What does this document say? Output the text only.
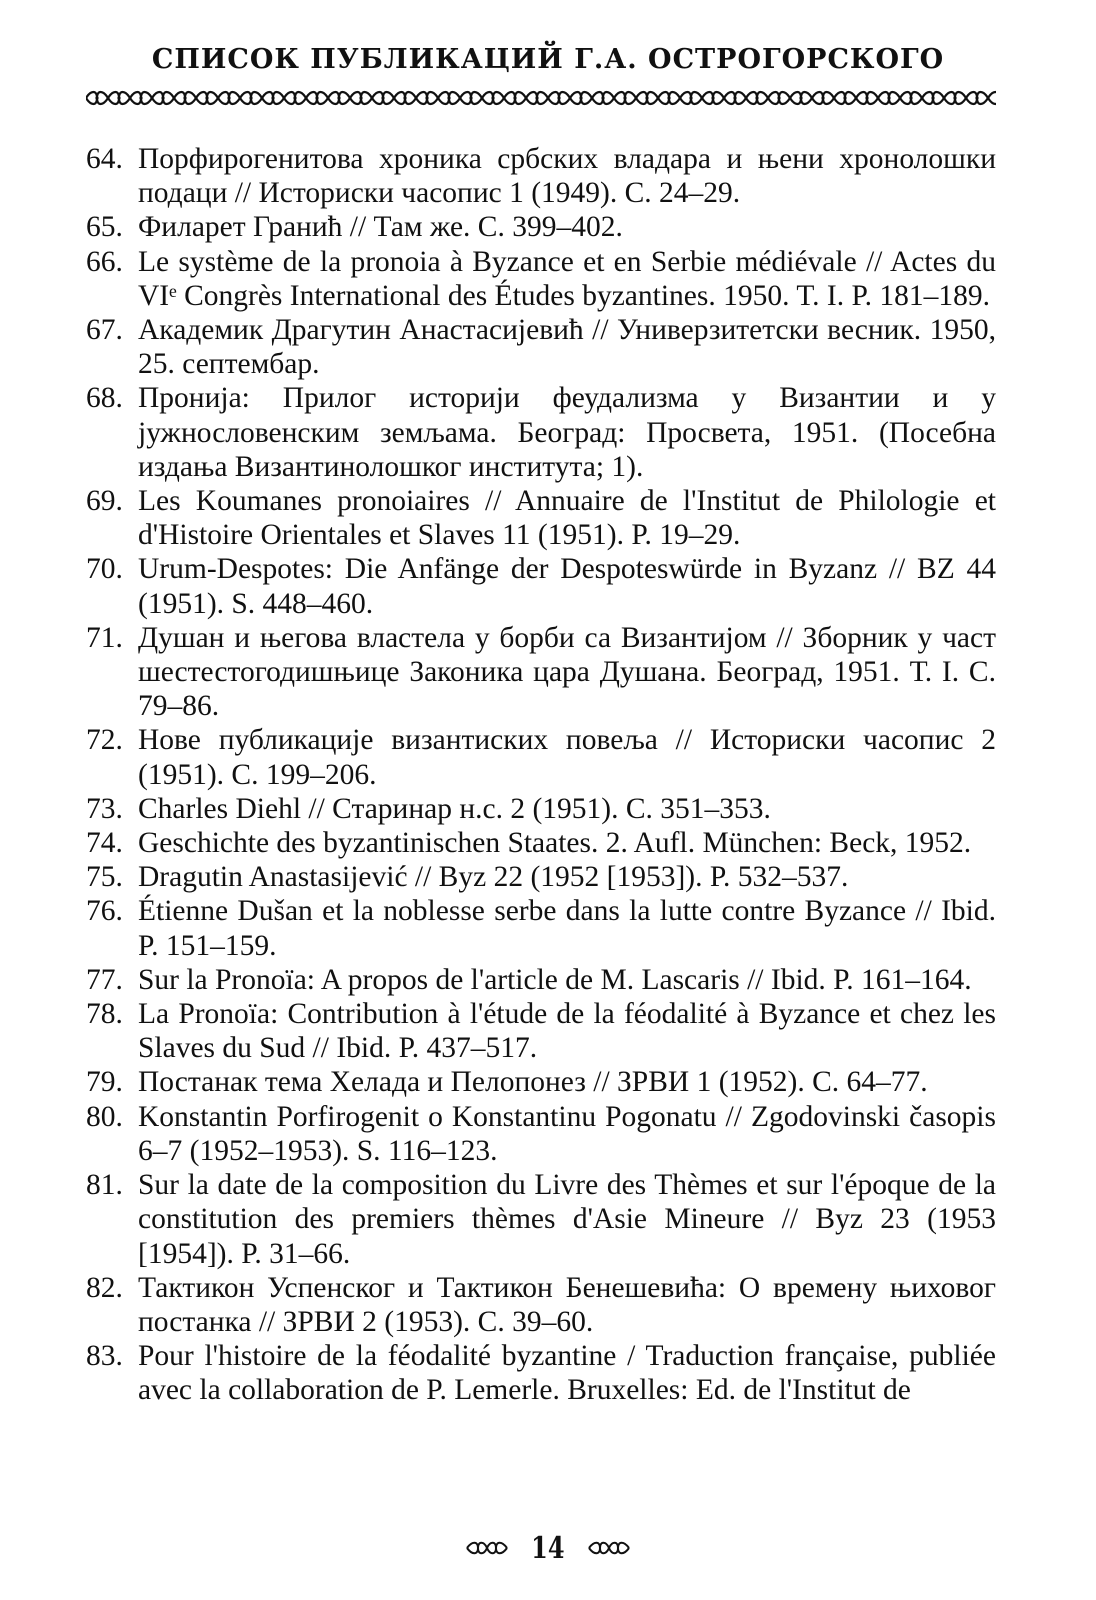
СПИСОК ПУБЛИКАЦИЙ Г.А. ОСТРОГОРСКОГО

64. Порфирогенитова хроника србских владара и њени хронолошки подаци // Историски часопис 1 (1949). С. 24–29.

65. Филарет Гранић // Там же. С. 399–402.

66. Le système de la pronoia à Byzance et en Serbie médiévale // Actes du VIᵉ Congrès International des Études byzantines. 1950. T. I. P. 181–189.

67. Академик Драгутин Анастасијевић // Универзитетски весник. 1950, 25. септембар.

68. Пронија: Прилог историји феудализма у Византии и у јужнословенским земљама. Београд: Просвета, 1951. (Посебна издања Византинолошког института; 1).

69. Les Koumanes pronoiaires // Annuaire de l'Institut de Philologie et d'Histoire Orientales et Slaves 11 (1951). P. 19–29.

70. Urum-Despotes: Die Anfänge der Despoteswürde in Byzanz // BZ 44 (1951). S. 448–460.

71. Душан и његова властела у борби са Византијом // Зборник у част шестестогодишњице Законика цара Душана. Београд, 1951. Т. I. С. 79–86.

72. Нове публикације византиских повеља // Историски часопис 2 (1951). С. 199–206.

73. Charles Diehl // Старинар н.с. 2 (1951). С. 351–353.

74. Geschichte des byzantinischen Staates. 2. Aufl. München: Beck, 1952.

75. Dragutin Anastasijević // Byz 22 (1952 [1953]). P. 532–537.

76. Étienne Dušan et la noblesse serbe dans la lutte contre Byzance // Ibid. P. 151–159.

77. Sur la Pronoïa: A propos de l'article de M. Lascaris // Ibid. P. 161–164.

78. La Pronoïa: Contribution à l'étude de la féodalité à Byzance et chez les Slaves du Sud // Ibid. P. 437–517.

79. Постанак тема Хелада и Пелопонез // ЗРВИ 1 (1952). С. 64–77.

80. Konstantin Porfirogenit o Konstantinu Pogonatu // Zgodovinski časopis 6–7 (1952–1953). S. 116–123.

81. Sur la date de la composition du Livre des Thèmes et sur l'époque de la constitution des premiers thèmes d'Asie Mineure // Byz 23 (1953 [1954]). P. 31–66.

82. Тактикон Успенског и Тактикон Бенешевића: О времену њиховог постанка // ЗРВИ 2 (1953). С. 39–60.

83. Pour l'histoire de la féodalité byzantine / Traduction française, publiée avec la collaboration de P. Lemerle. Bruxelles: Ed. de l'Institut de

14
